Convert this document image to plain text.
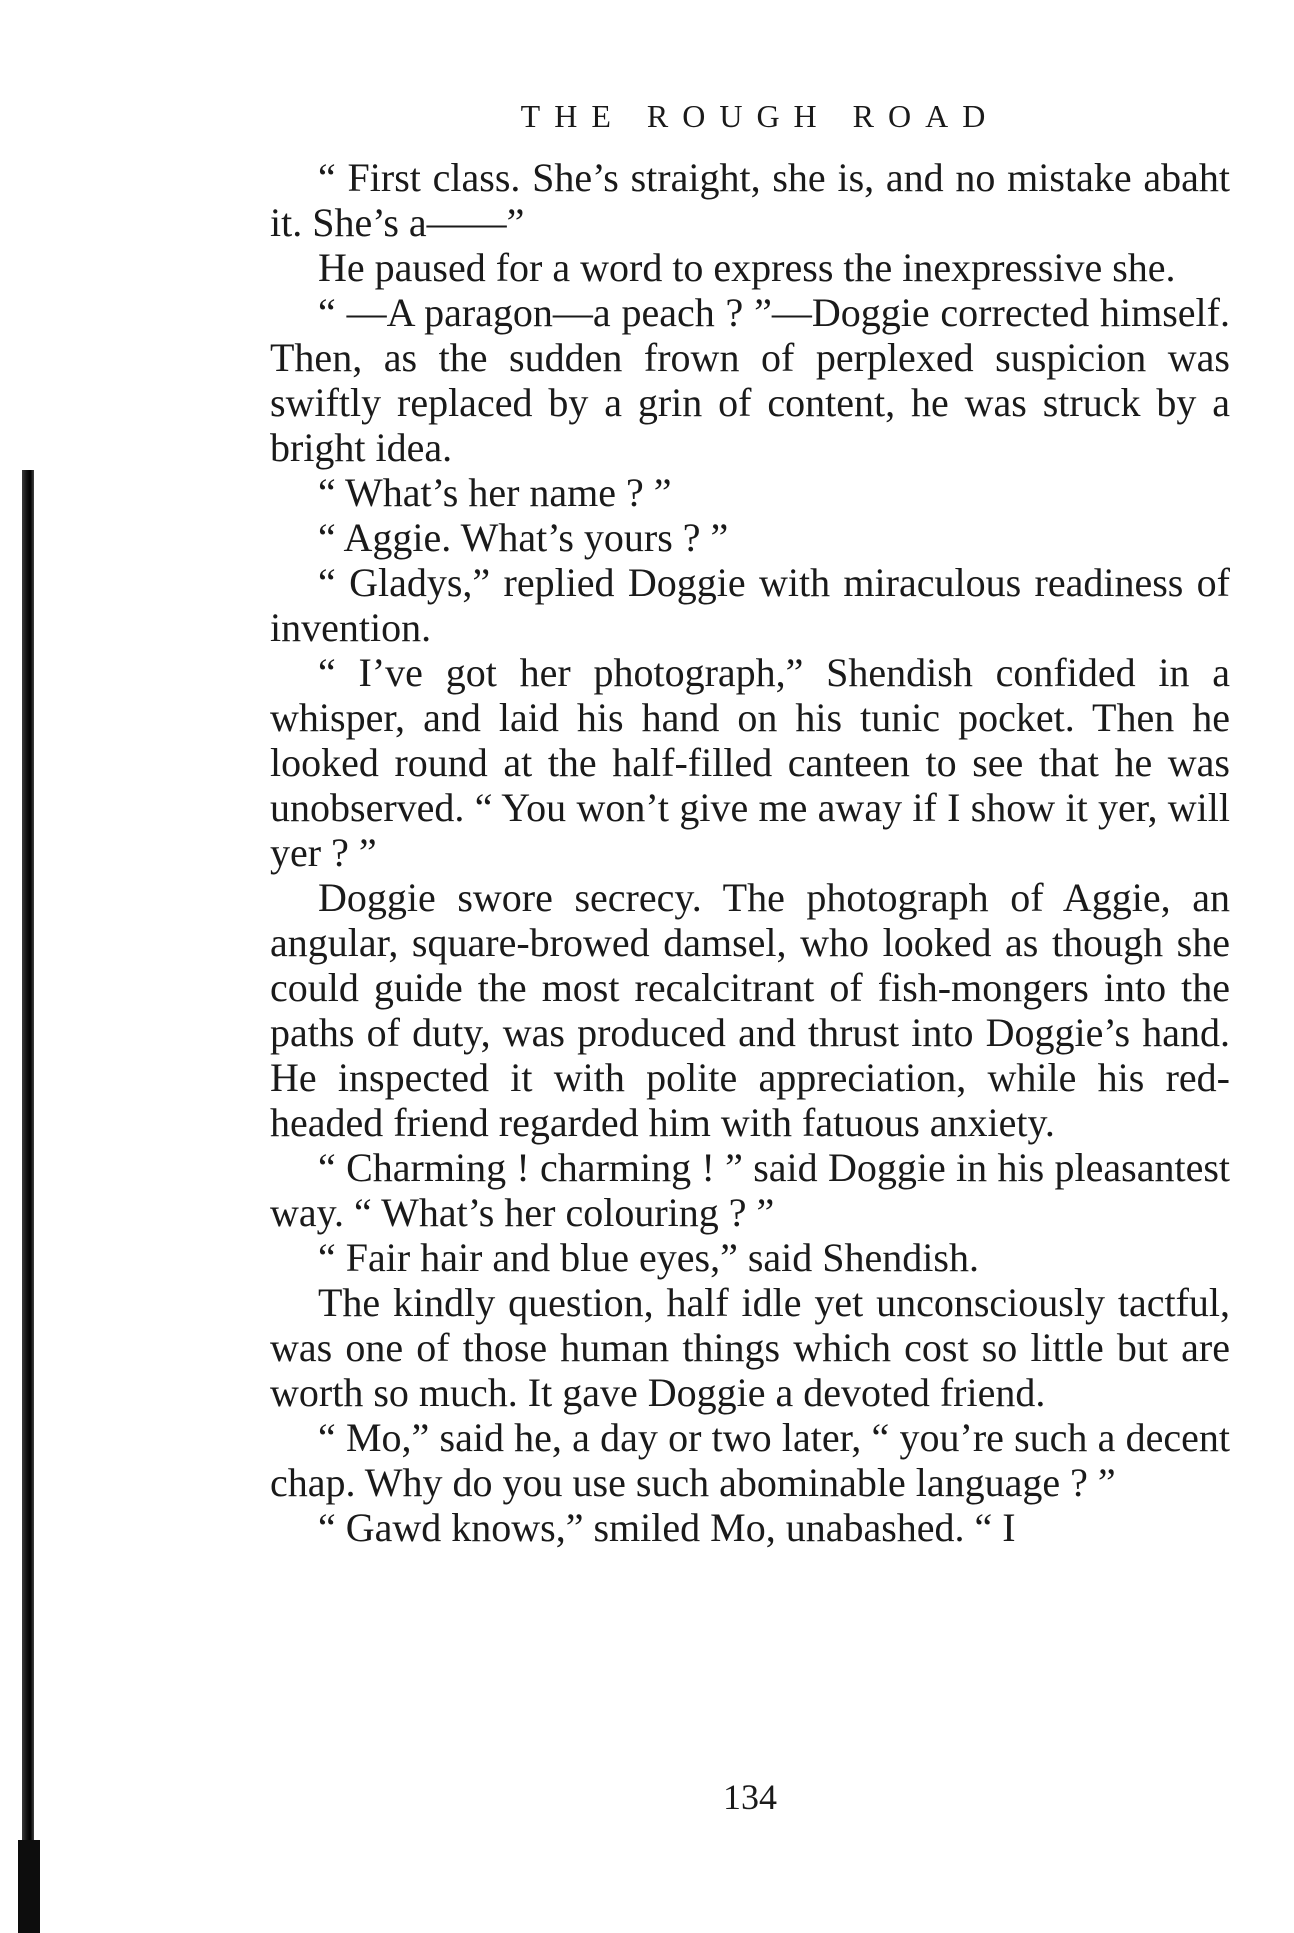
THE ROUGH ROAD

“ First class. She’s straight, she is, and no mistake abaht it. She’s a——”

He paused for a word to express the inexpressive she.

“ —A paragon—a peach ? ”—Doggie corrected himself. Then, as the sudden frown of perplexed suspicion was swiftly replaced by a grin of content, he was struck by a bright idea.

“ What’s her name ? ”

“ Aggie. What’s yours ? ”

“ Gladys,” replied Doggie with miraculous readiness of invention.

“ I’ve got her photograph,” Shendish confided in a whisper, and laid his hand on his tunic pocket. Then he looked round at the half-filled canteen to see that he was unobserved. “ You won’t give me away if I show it yer, will yer ? ”

Doggie swore secrecy. The photograph of Aggie, an angular, square-browed damsel, who looked as though she could guide the most recalcitrant of fish-mongers into the paths of duty, was produced and thrust into Doggie’s hand. He inspected it with polite appreciation, while his red-headed friend regarded him with fatuous anxiety.

“ Charming ! charming ! ” said Doggie in his pleasantest way. “ What’s her colouring ? ”

“ Fair hair and blue eyes,” said Shendish.

The kindly question, half idle yet unconsciously tactful, was one of those human things which cost so little but are worth so much. It gave Doggie a devoted friend.

“ Mo,” said he, a day or two later, “ you’re such a decent chap. Why do you use such abominable language ? ”

“ Gawd knows,” smiled Mo, unabashed. “ I

134
